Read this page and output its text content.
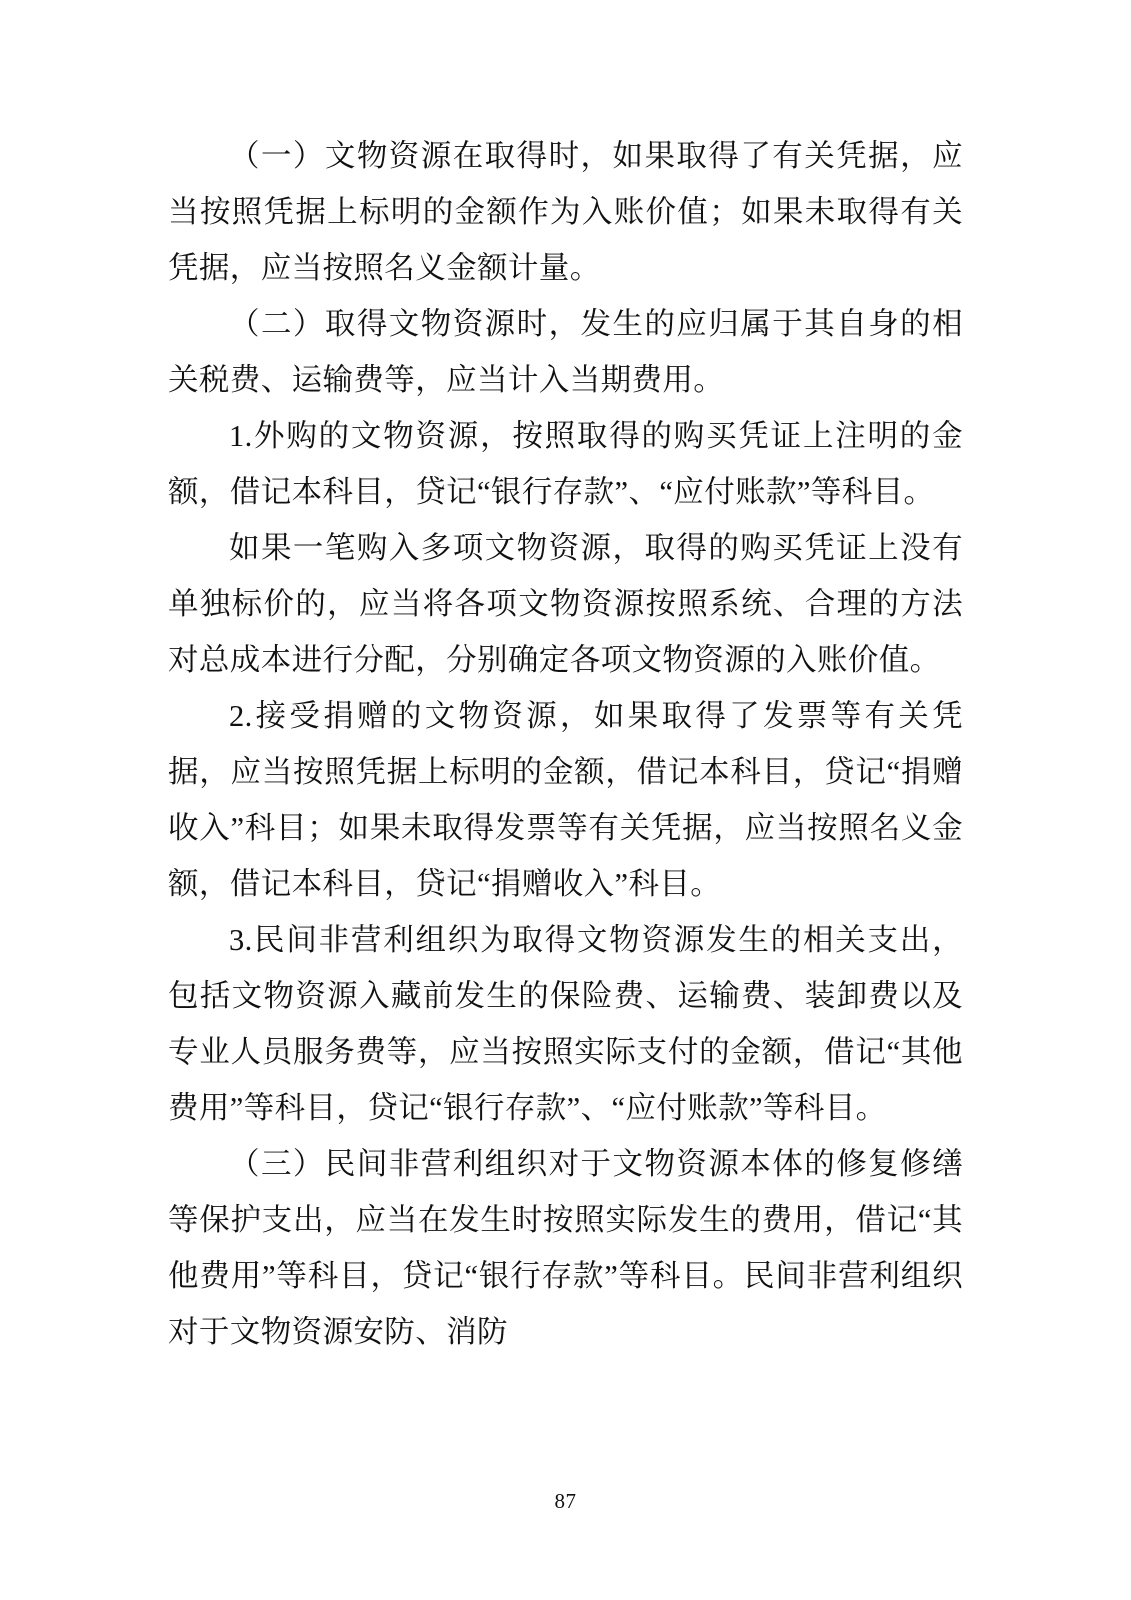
（一）文物资源在取得时，如果取得了有关凭据，应当按照凭据上标明的金额作为入账价值；如果未取得有关凭据，应当按照名义金额计量。

（二）取得文物资源时，发生的应归属于其自身的相关税费、运输费等，应当计入当期费用。

1.外购的文物资源，按照取得的购买凭证上注明的金额，借记本科目，贷记“银行存款”、“应付账款”等科目。

如果一笔购入多项文物资源，取得的购买凭证上没有单独标价的，应当将各项文物资源按照系统、合理的方法对总成本进行分配，分别确定各项文物资源的入账价值。

2.接受捐赠的文物资源，如果取得了发票等有关凭据，应当按照凭据上标明的金额，借记本科目，贷记“捐赠收入”科目；如果未取得发票等有关凭据，应当按照名义金额，借记本科目，贷记“捐赠收入”科目。

3.民间非营利组织为取得文物资源发生的相关支出，包括文物资源入藏前发生的保险费、运输费、装卸费以及专业人员服务费等，应当按照实际支付的金额，借记“其他费用”等科目，贷记“银行存款”、“应付账款”等科目。

（三）民间非营利组织对于文物资源本体的修复修缮等保护支出，应当在发生时按照实际发生的费用，借记“其他费用”等科目，贷记“银行存款”等科目。民间非营利组织对于文物资源安防、消防

87
